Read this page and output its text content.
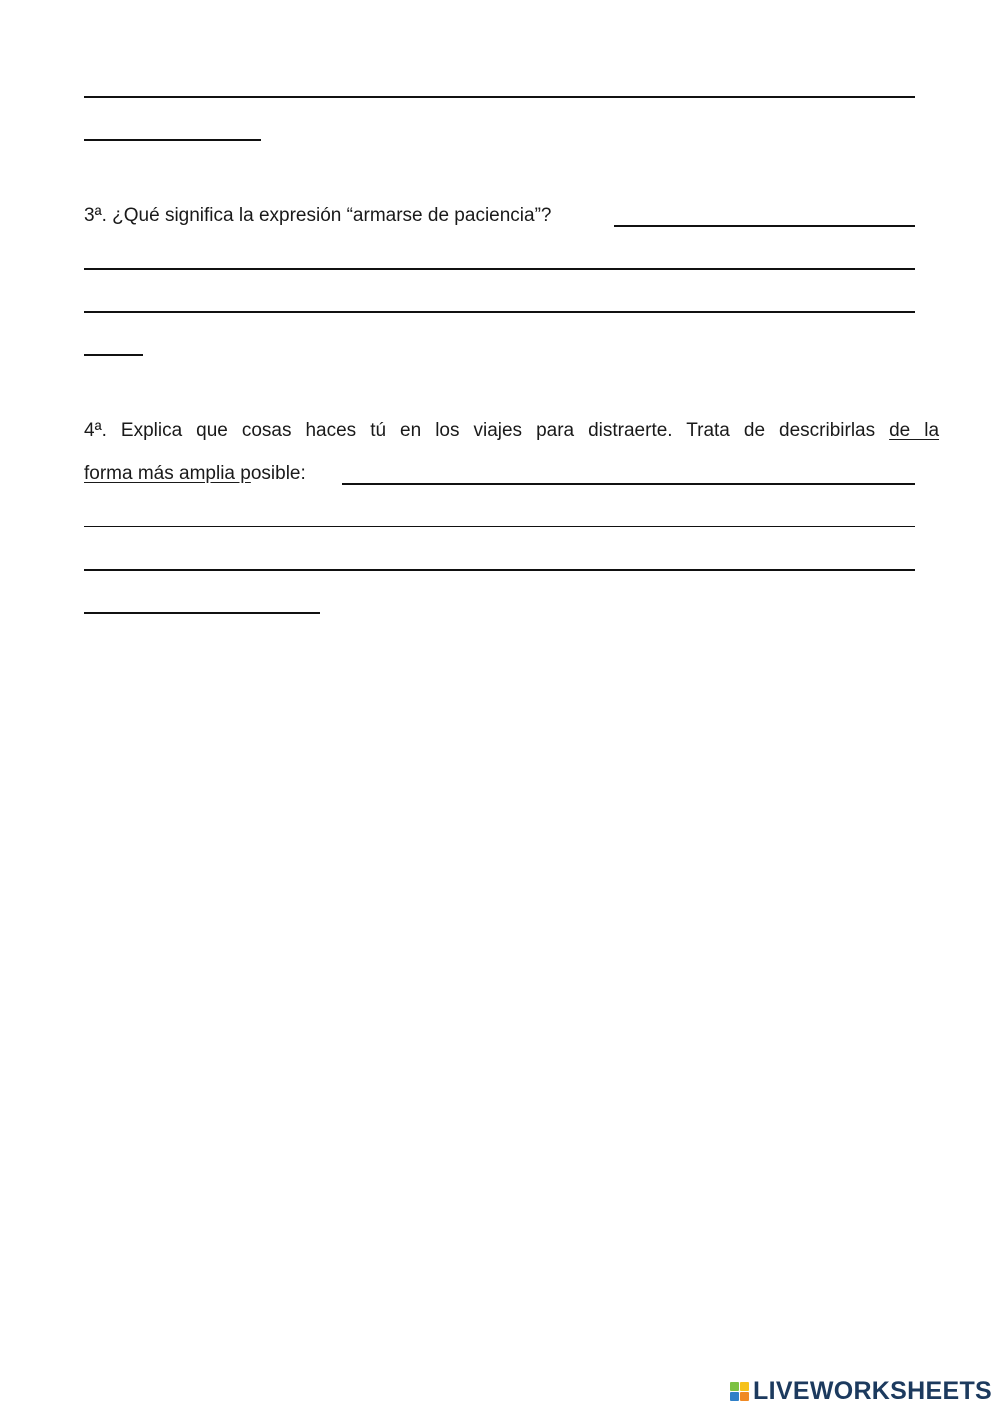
3ª. ¿Qué significa la expresión “armarse de paciencia”?
4ª. Explica que cosas haces tú en los viajes para distraerte. Trata de describirlas de la
forma más amplia posible:
LIVEWORKSHEETS
